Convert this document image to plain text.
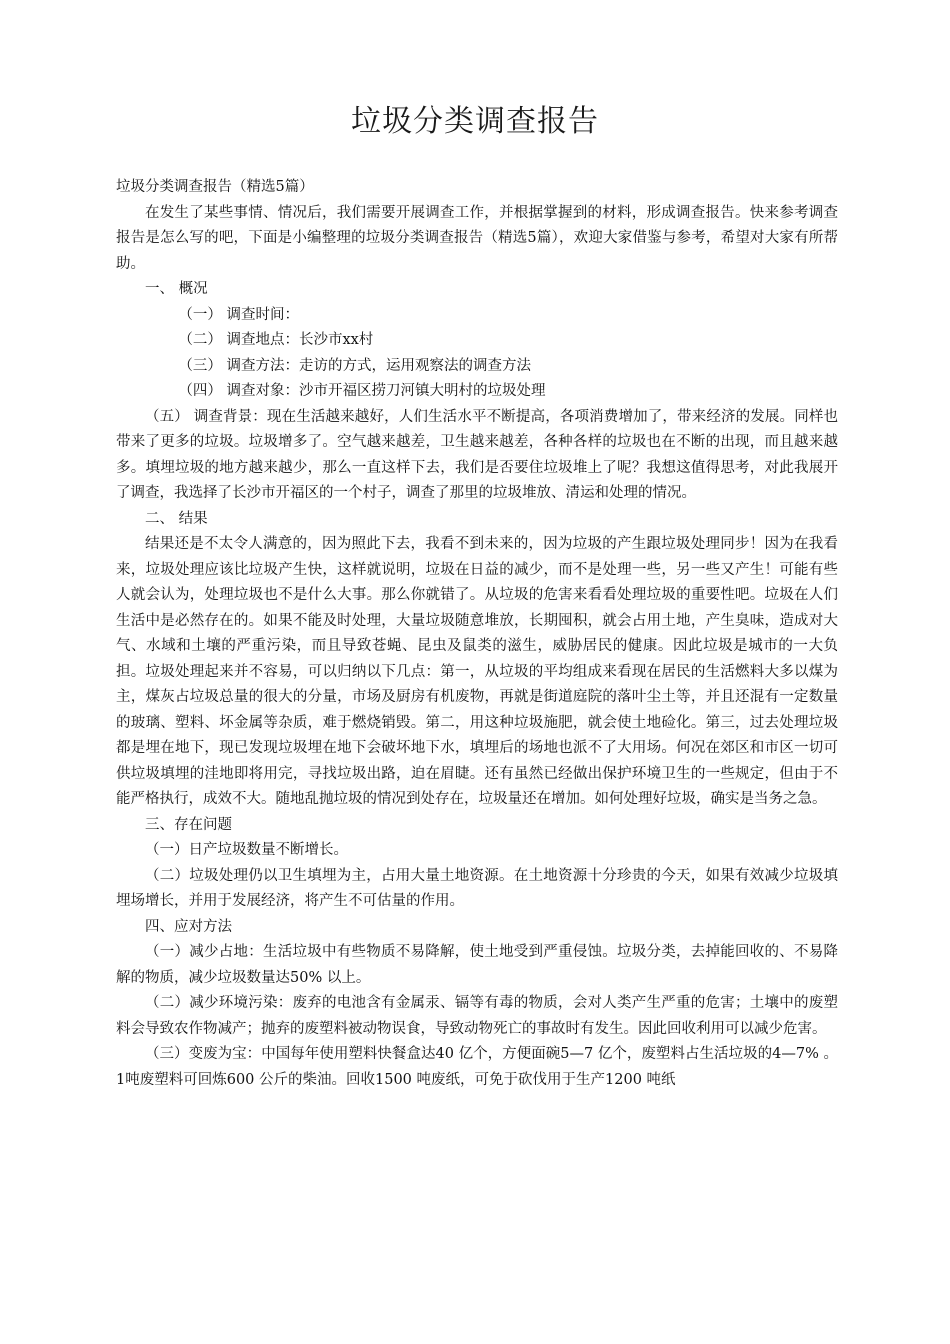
垃圾分类调查报告

垃圾分类调查报告（精选5篇）

在发生了某些事情、情况后，我们需要开展调查工作，并根据掌握到的材料，形成调查报告。快来参考调查报告是怎么写的吧，下面是小编整理的垃圾分类调查报告（精选5篇），欢迎大家借鉴与参考，希望对大家有所帮助。

一、 概况

（一） 调查时间：

（二） 调查地点：长沙市xx村

（三） 调查方法：走访的方式，运用观察法的调查方法

（四） 调查对象：沙市开福区捞刀河镇大明村的垃圾处理

（五） 调查背景：现在生活越来越好，人们生活水平不断提高，各项消费增加了，带来经济的发展。同样也带来了更多的垃圾。垃圾增多了。空气越来越差，卫生越来越差，各种各样的垃圾也在不断的出现，而且越来越多。填埋垃圾的地方越来越少，那么一直这样下去，我们是否要住垃圾堆上了呢？我想这值得思考，对此我展开了调查，我选择了长沙市开福区的一个村子，调查了那里的垃圾堆放、清运和处理的情况。

二、 结果

结果还是不太令人满意的，因为照此下去，我看不到未来的，因为垃圾的产生跟垃圾处理同步！因为在我看来，垃圾处理应该比垃圾产生快，这样就说明，垃圾在日益的减少，而不是处理一些，另一些又产生！可能有些人就会认为，处理垃圾也不是什么大事。那么你就错了。从垃圾的危害来看看处理垃圾的重要性吧。垃圾在人们生活中是必然存在的。如果不能及时处理，大量垃圾随意堆放，长期囤积，就会占用土地，产生臭味，造成对大气、水域和土壤的严重污染，而且导致苍蝇、昆虫及鼠类的滋生，威胁居民的健康。因此垃圾是城市的一大负担。垃圾处理起来并不容易，可以归纳以下几点：第一，从垃圾的平均组成来看现在居民的生活燃料大多以煤为主，煤灰占垃圾总量的很大的分量，市场及厨房有机废物，再就是街道庭院的落叶尘土等，并且还混有一定数量的玻璃、塑料、坏金属等杂质，难于燃烧销毁。第二，用这种垃圾施肥，就会使土地硷化。第三，过去处理垃圾都是埋在地下，现已发现垃圾埋在地下会破坏地下水，填埋后的场地也派不了大用场。何况在郊区和市区一切可供垃圾填埋的洼地即将用完，寻找垃圾出路，迫在眉睫。还有虽然已经做出保护环境卫生的一些规定，但由于不能严格执行，成效不大。随地乱抛垃圾的情况到处存在，垃圾量还在增加。如何处理好垃圾，确实是当务之急。

三、存在问题

（一）日产垃圾数量不断增长。

（二）垃圾处理仍以卫生填埋为主，占用大量土地资源。在土地资源十分珍贵的今天，如果有效减少垃圾填埋场增长，并用于发展经济，将产生不可估量的作用。

四、应对方法

（一）减少占地：生活垃圾中有些物质不易降解，使土地受到严重侵蚀。垃圾分类，去掉能回收的、不易降解的物质，减少垃圾数量达50% 以上。

（二）减少环境污染：废弃的电池含有金属汞、镉等有毒的物质，会对人类产生严重的危害；土壤中的废塑料会导致农作物减产；抛弃的废塑料被动物误食，导致动物死亡的事故时有发生。因此回收利用可以减少危害。

（三）变废为宝：中国每年使用塑料快餐盒达40 亿个，方便面碗5—7 亿个，废塑料占生活垃圾的4—7% 。1吨废塑料可回炼600 公斤的柴油。回收1500 吨废纸，可免于砍伐用于生产1200 吨纸
